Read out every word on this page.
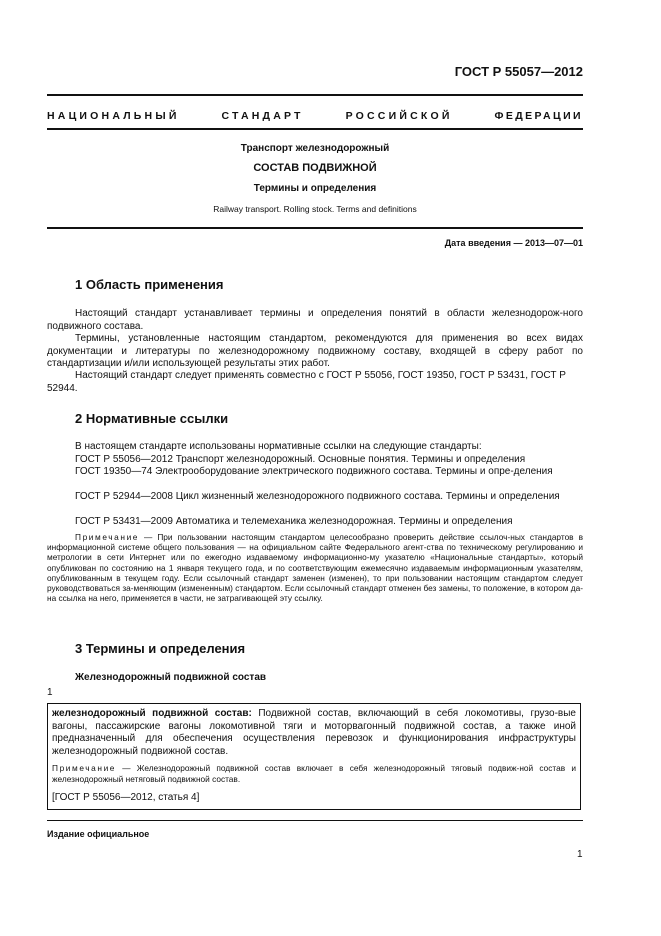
ГОСТ Р 55057—2012
НАЦИОНАЛЬНЫЙ	СТАНДАРТ	РОССИЙСКОЙ	ФЕДЕРАЦИИ
Транспорт железнодорожный
СОСТАВ ПОДВИЖНОЙ
Термины и определения
Railway transport. Rolling stock. Terms and definitions
Дата введения — 2013—07—01
1 Область применения
Настоящий стандарт устанавливает термины и определения понятий в области железнодорож-ного подвижного состава.
Термины, установленные настоящим стандартом, рекомендуются для применения во всех видах документации и литературы по железнодорожному подвижному составу, входящей в сферу работ по стандартизации и/или использующей результаты этих работ.
Настоящий стандарт следует применять совместно с ГОСТ Р 55056, ГОСТ 19350, ГОСТ Р 53431, ГОСТ Р 52944.
2 Нормативные ссылки
В настоящем стандарте использованы нормативные ссылки на следующие стандарты:
ГОСТ Р 55056—2012 Транспорт железнодорожный. Основные понятия. Термины и определения
ГОСТ 19350—74 Электрооборудование электрического подвижного состава. Термины и опре-деления
ГОСТ Р 52944—2008 Цикл жизненный железнодорожного подвижного состава. Термины и определения
ГОСТ Р 53431—2009 Автоматика и телемеханика железнодорожная. Термины и определения
Примечание — При пользовании настоящим стандартом целесообразно проверить действие ссылоч-ных стандартов в информационной системе общего пользования — на официальном сайте Федерального агент-ства по техническому регулированию и метрологии в сети Интернет или по ежегодно издаваемому информационно-му указателю «Национальные стандарты», который опубликован по состоянию на 1 января текущего года, и по соответствующим ежемесячно издаваемым информационным указателям, опубликованным в текущем году. Если ссылочный стандарт заменен (изменен), то при пользовании настоящим стандартом следует руководствоваться за-меняющим (измененным) стандартом. Если ссылочный стандарт отменен без замены, то положение, в котором да-на ссылка на него, применяется в части, не затрагивающей эту ссылку.
3 Термины и определения
Железнодорожный подвижной состав
1
железнодорожный подвижной состав: Подвижной состав, включающий в себя локомотивы, грузо-вые вагоны, пассажирские вагоны локомотивной тяги и моторвагонный подвижной состав, а также иной предназначенный для обеспечения осуществления перевозок и функционирования инфраструктуры железнодорожный подвижной состав.
Примечание — Железнодорожный подвижной состав включает в себя железнодорожный тяговый подвиж-ной состав и железнодорожный нетяговый подвижной состав.
[ГОСТ Р 55056—2012, статья 4]
Издание официальное
1
